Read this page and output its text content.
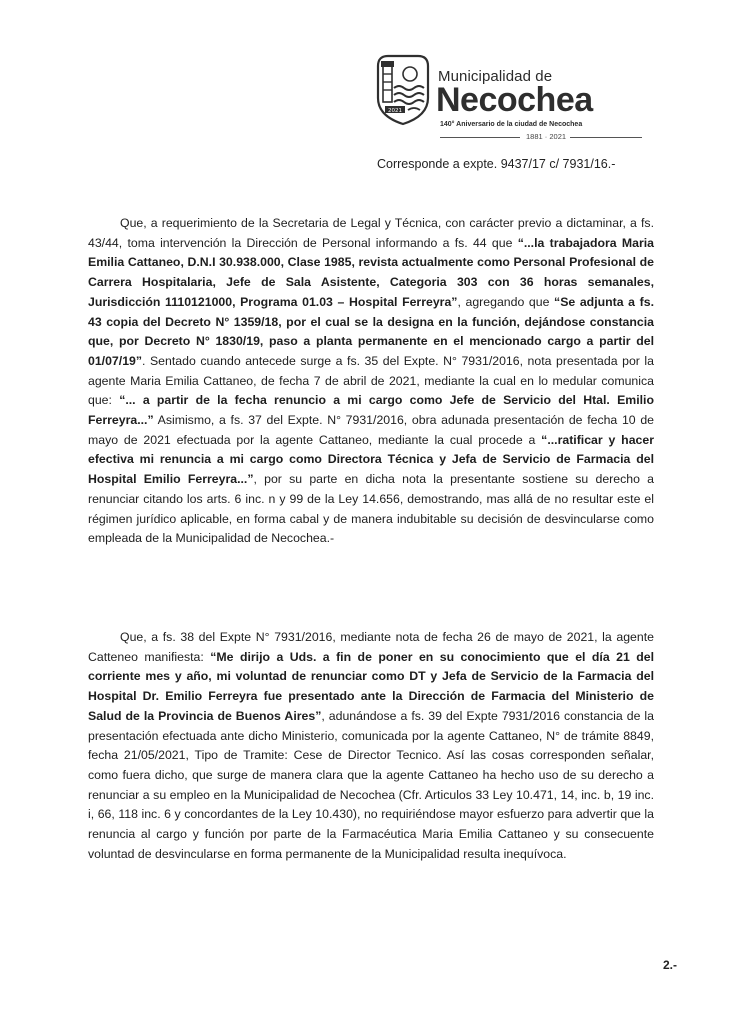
2021
Municipalidad de
Necochea
140° Aniversario de la ciudad de Necochea
1881 · 2021
Corresponde a expte. 9437/17 c/ 7931/16.-

Que, a requerimiento de la Secretaria de Legal y Técnica, con carácter previo a dictaminar, a fs. 43/44, toma intervención la Dirección de Personal informando a fs. 44 que “...la trabajadora Maria Emilia Cattaneo, D.N.I 30.938.000, Clase 1985, revista actualmente como Personal Profesional de Carrera Hospitalaria, Jefe de Sala Asistente, Categoria 303 con 36 horas semanales, Jurisdicción 1110121000, Programa 01.03 – Hospital Ferreyra”, agregando que “Se adjunta a fs. 43 copia del Decreto N° 1359/18, por el cual se la designa en la función, dejándose constancia que, por Decreto N° 1830/19, paso a planta permanente en el mencionado cargo a partir del 01/07/19”. Sentado cuando antecede surge a fs. 35 del Expte. N° 7931/2016, nota presentada por la agente Maria Emilia Cattaneo, de fecha 7 de abril de 2021, mediante la cual en lo medular comunica que: “... a partir de la fecha renuncio a mi cargo como Jefe de Servicio del Htal. Emilio Ferreyra...” Asimismo, a fs. 37 del Expte. N° 7931/2016, obra adunada presentación de fecha 10 de mayo de 2021 efectuada por la agente Cattaneo, mediante la cual procede a “...ratificar y hacer efectiva mi renuncia a mi cargo como Directora Técnica y Jefa de Servicio de Farmacia del Hospital Emilio Ferreyra...”, por su parte en dicha nota la presentante sostiene su derecho a renunciar citando los arts. 6 inc. n y 99 de la Ley 14.656, demostrando, mas allá de no resultar este el régimen jurídico aplicable, en forma cabal y de manera indubitable su decisión de desvincularse como empleada de la Municipalidad de Necochea.-

Que, a fs. 38 del Expte N° 7931/2016, mediante nota de fecha 26 de mayo de 2021, la agente Catteneo manifiesta: “Me dirijo a Uds. a fin de poner en su conocimiento que el día 21 del corriente mes y año, mi voluntad de renunciar como DT y Jefa de Servicio de la Farmacia del Hospital Dr. Emilio Ferreyra fue presentado ante la Dirección de Farmacia del Ministerio de Salud de la Provincia de Buenos Aires”, adunándose a fs. 39 del Expte 7931/2016 constancia de la presentación efectuada ante dicho Ministerio, comunicada por la agente Cattaneo, N° de trámite 8849, fecha 21/05/2021, Tipo de Tramite: Cese de Director Tecnico. Así las cosas corresponden señalar, como fuera dicho, que surge de manera clara que la agente Cattaneo ha hecho uso de su derecho a renunciar a su empleo en la Municipalidad de Necochea (Cfr. Articulos 33 Ley 10.471, 14, inc. b, 19 inc. i, 66, 118 inc. 6 y concordantes de la Ley 10.430), no requiriéndose mayor esfuerzo para advertir que la renuncia al cargo y función por parte de la Farmacéutica Maria Emilia Cattaneo y su consecuente voluntad de desvincularse en forma permanente de la Municipalidad resulta inequívoca.

2.-
